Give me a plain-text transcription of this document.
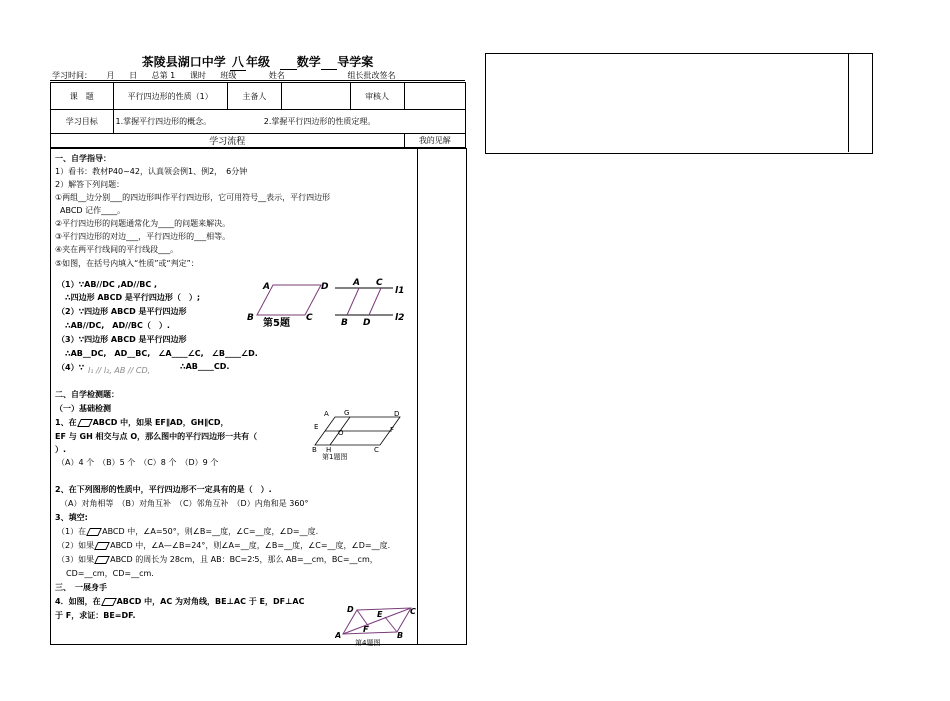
茶陵县湖口中学 八 年级 数学 导学案
学习时间： 月 日 总第 1 课时 班级	姓名	组长批改签名
课　题	平行四边形的性质（1）	主备人		审核人	
学习目标	1.掌握平行四边形的概念。 2.掌握平行四边形的性质定理。				
学习流程					我的见解
一、自学指导：
1）看书：教材P40~42，认真领会例1、例2，　6分钟
2）解答下列问题：
①两组__边分别___的四边形叫作平行四边形，它可用符号__表示，平行四边形
ABCD 记作____。
②平行四边形的问题通常化为____的问题来解决。
③平行四边形的对边___，平行四边形的___相等。
④夹在两平行线间的平行线段___。
⑤如图，在括号内填入“性质”或“判定”：
（1）∵AB//DC ,AD//BC ,
∴四边形 ABCD 是平行四边形（　）;
（2）∵四边形 ABCD 是平行四边形
∴AB//DC,　AD//BC（　）.
（3）∵四边形 ABCD 是平行四边形
∴AB__DC,　AD__BC,　∠A____∠C,　∠B____∠D.
（4）∵ l₁ // l₂, AB // CD,	∴AB____CD.
A	D
B	C
第5题
A C
B D
l1
l2
二、自学检测题：
（一）基础检测
1、在 ABCD 中，如果 EF∥AD，GH∥CD，
EF 与 GH 相交与点 O，那么图中的平行四边形一共有（
）.
（A）4 个　（B）5 个　（C）8 个　（D）9 个
A G	D
E
O	F
B H	C
第1题图
2、在下列图形的性质中，平行四边形不一定具有的是（　）.
（A）对角相等　（B）对角互补　（C）邻角互补　（D）内角和是 360°
3、填空:
（1）在 ABCD 中，∠A=50°，则∠B=__度，∠C=__度，∠D=__度.
（2）如果 ABCD 中，∠A—∠B=24°，则∠A=__度，∠B=__度，∠C=__度，∠D=__度.
（3）如果 ABCD 的周长为 28cm，且 AB：BC=2∶5，那么 AB=__cm，BC=__cm，
CD=__cm，CD=__cm.
三、　一展身手
4．如图，在 ABCD 中，AC 为对角线，BE⊥AC 于 E，DF⊥AC
于 F，求证：BE=DF.
D
E	C
A
F
B
第4题图
